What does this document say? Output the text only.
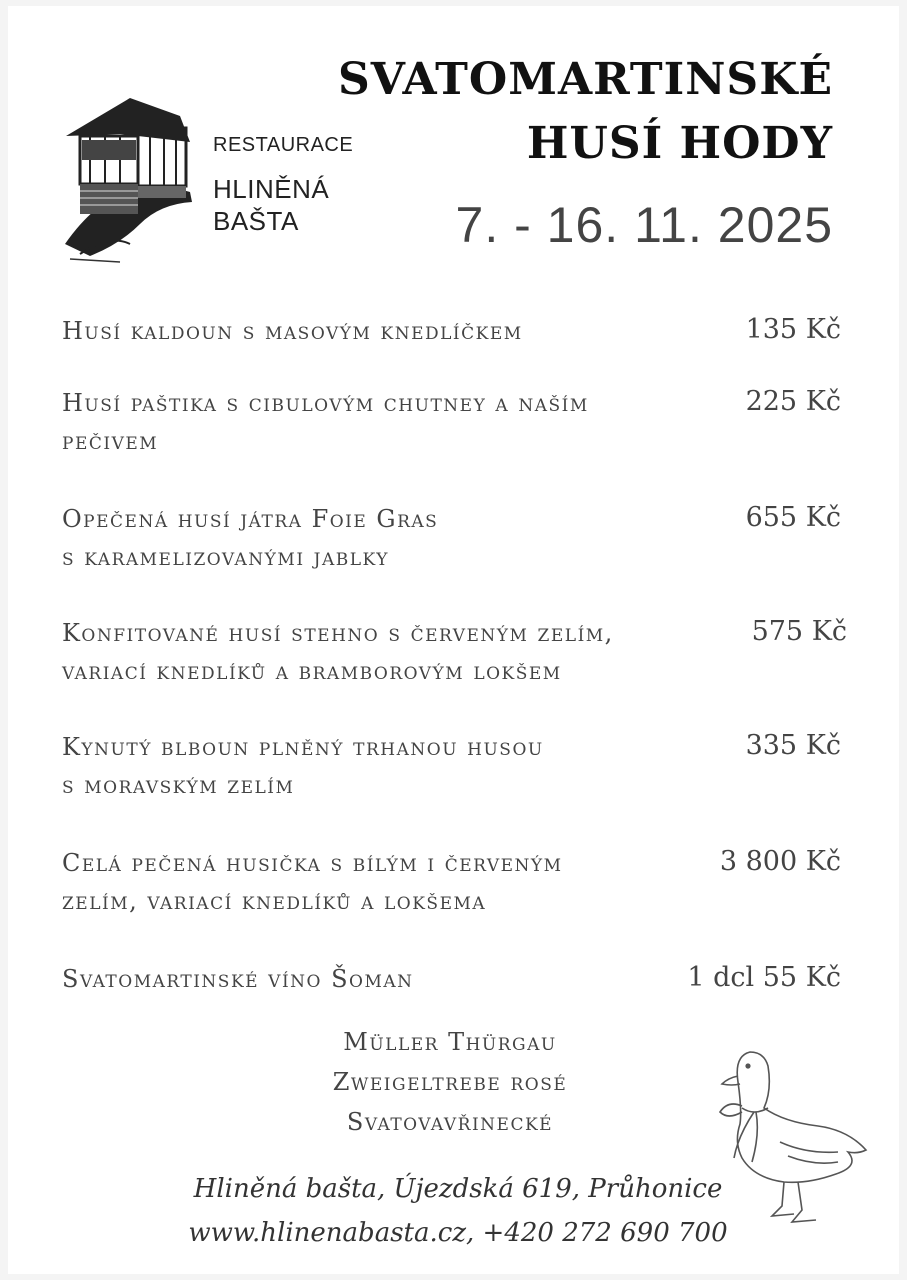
RESTAURACE
HLINĚNÁ
BAŠTA
SVATOMARTINSKÉ
HUSÍ HODY
7. - 16. 11. 2025
Husí kaldoun s masovým knedlíčkem	135 Kč
Husí paštika s cibulovým chutney a naším
pečivem
225 Kč
Opečená husí játra Foie Gras
s karamelizovanými jablky
655 Kč
Konfitované husí stehno s červeným zelím,
variací knedlíků a bramborovým lokšem
575 Kč
Kynutý blboun plněný trhanou husou
s moravským zelím
335 Kč
Celá pečená husička s bílým i červeným
zelím, variací knedlíků a lokšema
3 800 Kč
Svatomartinské víno Šoman	1 dcl 55 Kč
Müller Thürgau
Zweigeltrebe rosé
Svatovavřinecké
Hliněná bašta, Újezdská 619, Průhonice
www.hlinenabasta.cz, +420 272 690 700
